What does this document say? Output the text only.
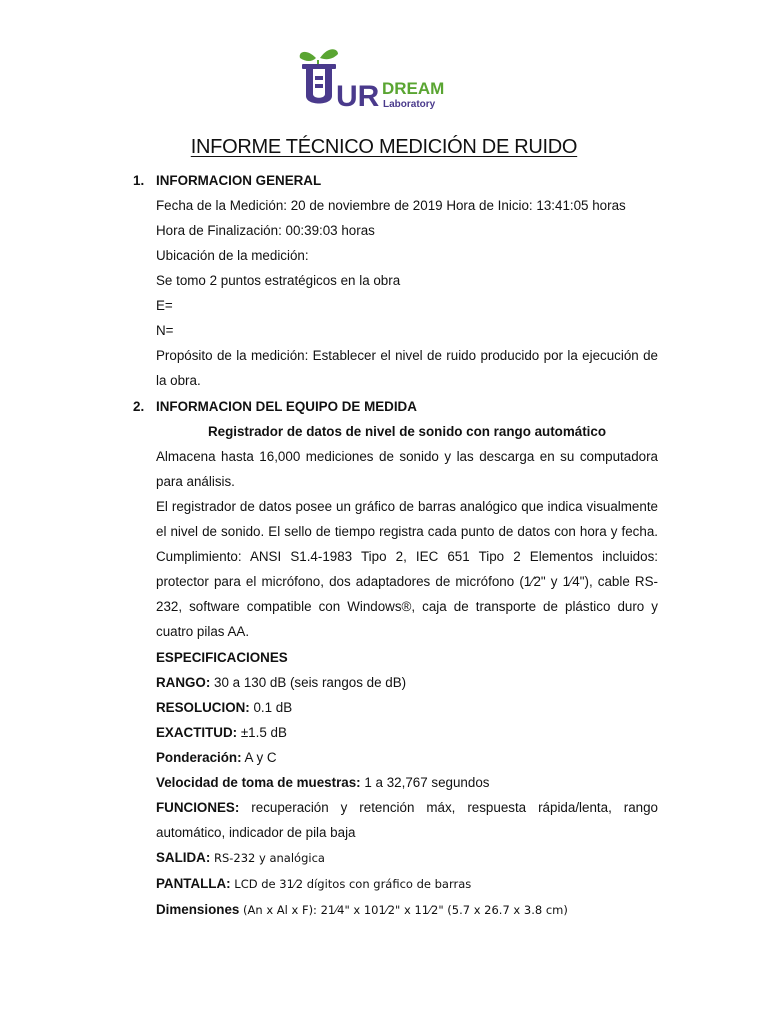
UR DREAM
Laboratory
INFORME TÉCNICO MEDICIÓN DE RUIDO
1. INFORMACION GENERAL
Fecha de la Medición: 20 de noviembre de 2019 Hora de Inicio: 13:41:05 horas
Hora de Finalización: 00:39:03 horas
Ubicación de la medición:
Se tomo 2 puntos estratégicos en la obra
E=
N=
Propósito de la medición: Establecer el nivel de ruido producido por la ejecución de la obra.
2. INFORMACION DEL EQUIPO DE MEDIDA
Registrador de datos de nivel de sonido con rango automático
Almacena hasta 16,000 mediciones de sonido y las descarga en su computadora para análisis.
El registrador de datos posee un gráfico de barras analógico que indica visualmente el nivel de sonido. El sello de tiempo registra cada punto de datos con hora y fecha. Cumplimiento: ANSI S1.4-1983 Tipo 2, IEC 651 Tipo 2 Elementos incluidos: protector para el micrófono, dos adaptadores de micrófono (1⁄2" y 1⁄4"), cable RS-232, software compatible con Windows®, caja de transporte de plástico duro y cuatro pilas AA.
ESPECIFICACIONES
RANGO: 30 a 130 dB (seis rangos de dB)
RESOLUCION: 0.1 dB
EXACTITUD: ±1.5 dB
Ponderación: A y C
Velocidad de toma de muestras: 1 a 32,767 segundos
FUNCIONES: recuperación y retención máx, respuesta rápida/lenta, rango automático, indicador de pila baja
SALIDA: RS-232 y analógica
PANTALLA: LCD de 31⁄2 dígitos con gráfico de barras
Dimensiones (An x Al x F): 21⁄4" x 101⁄2" x 11⁄2" (5.7 x 26.7 x 3.8 cm)
